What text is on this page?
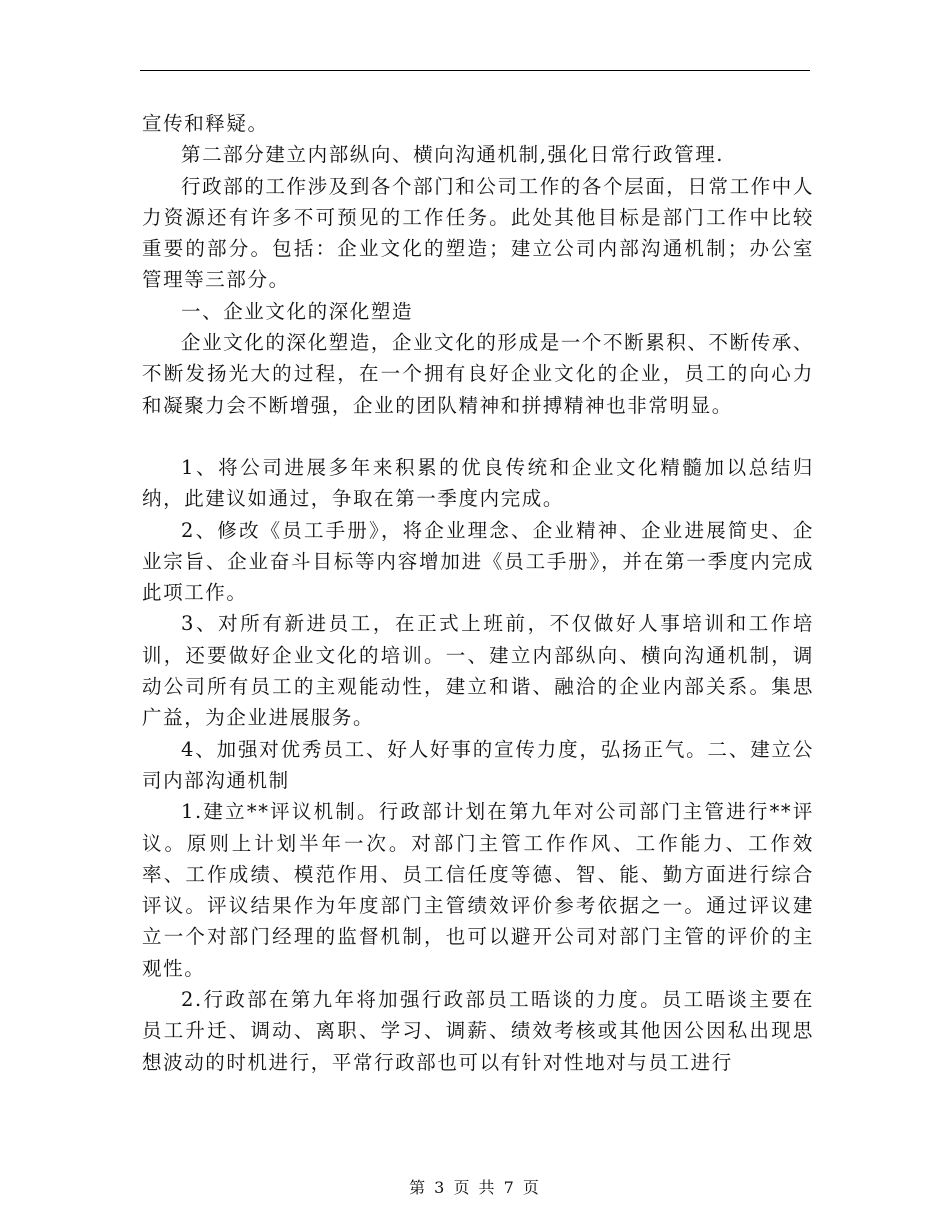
宣传和释疑。

第二部分建立内部纵向、横向沟通机制,强化日常行政管理.

行政部的工作涉及到各个部门和公司工作的各个层面，日常工作中人力资源还有许多不可预见的工作任务。此处其他目标是部门工作中比较重要的部分。包括：企业文化的塑造；建立公司内部沟通机制；办公室管理等三部分。

一、企业文化的深化塑造

企业文化的深化塑造，企业文化的形成是一个不断累积、不断传承、不断发扬光大的过程，在一个拥有良好企业文化的企业，员工的向心力和凝聚力会不断增强，企业的团队精神和拼搏精神也非常明显。

1、将公司进展多年来积累的优良传统和企业文化精髓加以总结归纳，此建议如通过，争取在第一季度内完成。

2、修改《员工手册》，将企业理念、企业精神、企业进展简史、企业宗旨、企业奋斗目标等内容增加进《员工手册》，并在第一季度内完成此项工作。

3、对所有新进员工，在正式上班前，不仅做好人事培训和工作培训，还要做好企业文化的培训。一、建立内部纵向、横向沟通机制，调动公司所有员工的主观能动性，建立和谐、融洽的企业内部关系。集思广益，为企业进展服务。

4、加强对优秀员工、好人好事的宣传力度，弘扬正气。二、建立公司内部沟通机制

1.建立**评议机制。行政部计划在第九年对公司部门主管进行**评议。原则上计划半年一次。对部门主管工作作风、工作能力、工作效率、工作成绩、模范作用、员工信任度等德、智、能、勤方面进行综合评议。评议结果作为年度部门主管绩效评价参考依据之一。通过评议建立一个对部门经理的监督机制，也可以避开公司对部门主管的评价的主观性。

2.行政部在第九年将加强行政部员工晤谈的力度。员工晤谈主要在员工升迁、调动、离职、学习、调薪、绩效考核或其他因公因私出现思想波动的时机进行，平常行政部也可以有针对性地对与员工进行

第 3 页 共 7 页
